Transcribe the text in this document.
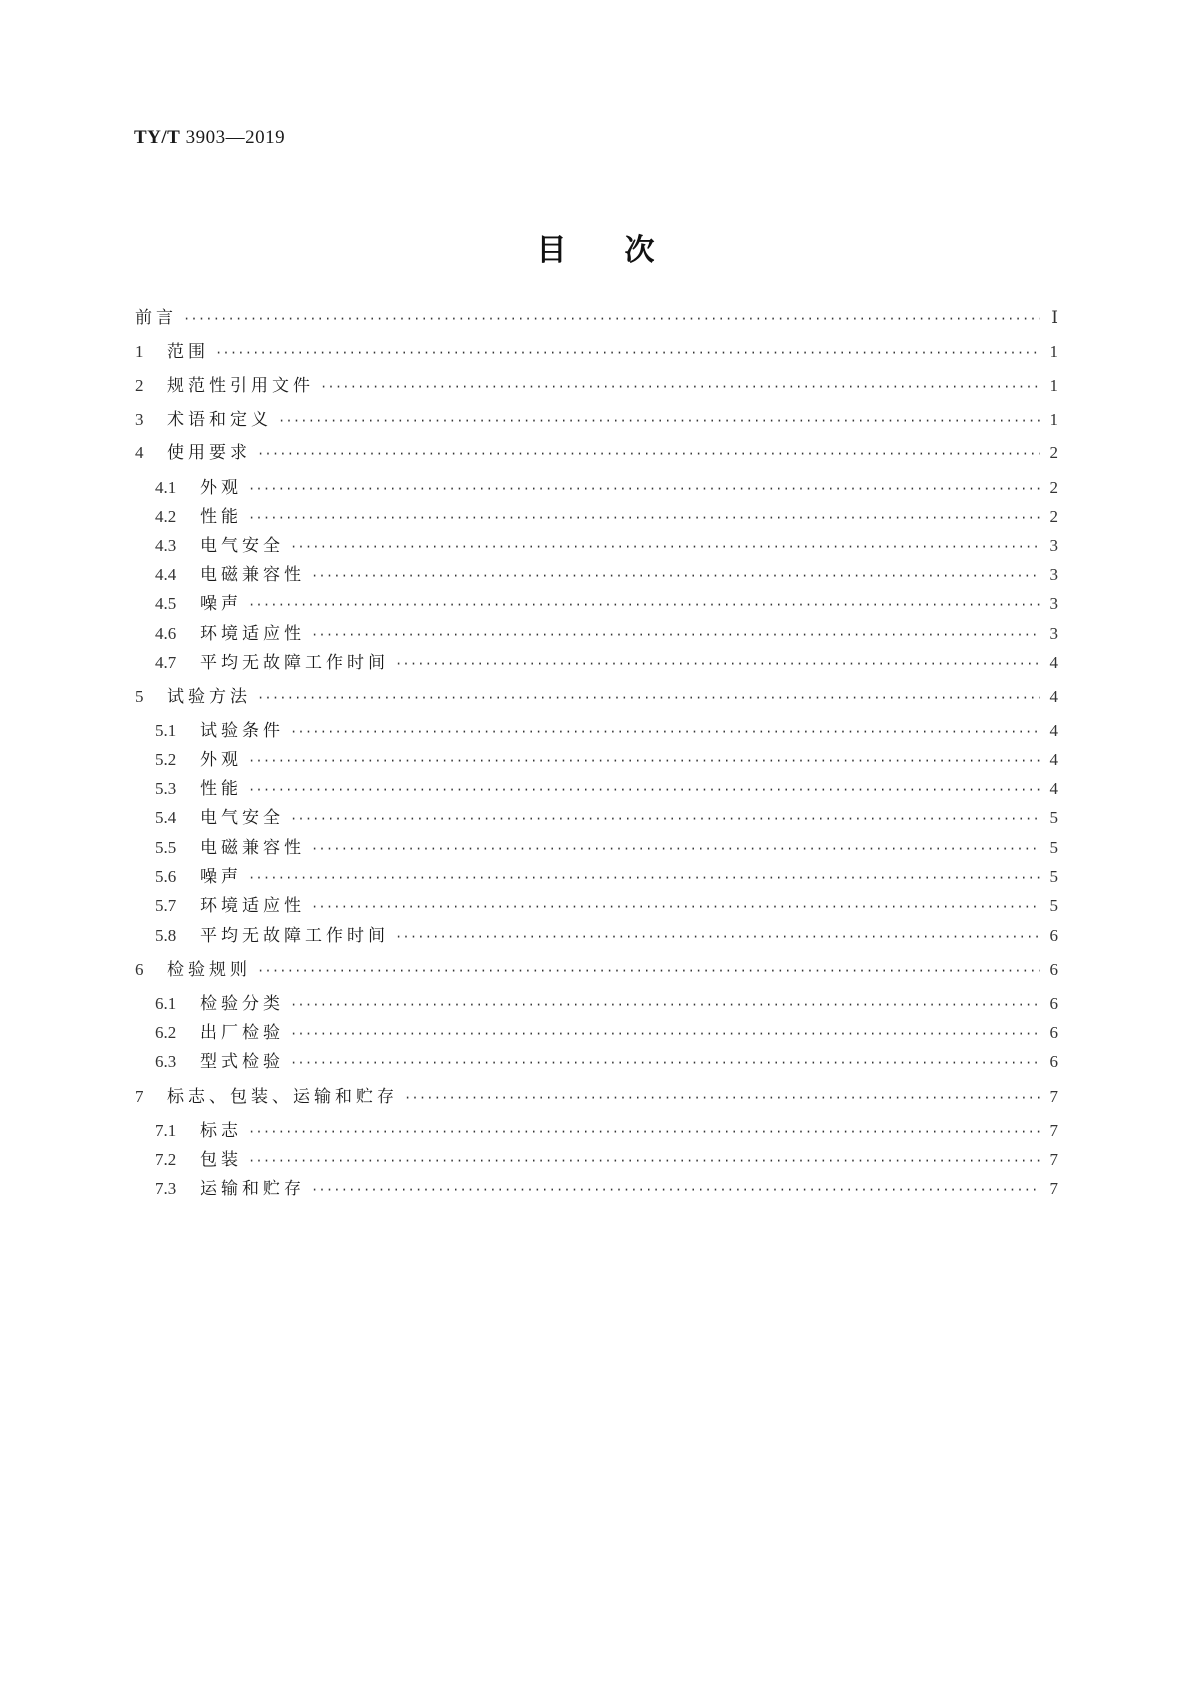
TY/T 3903—2019
目 次
前言 ·····	Ⅰ
1	范围 ·····	1
2	规范性引用文件 ·····	1
3	术语和定义 ·····	1
4	使用要求 ·····	2
4.1	外观 ·····	2
4.2	性能 ·····	2
4.3	电气安全 ·····	3
4.4	电磁兼容性 ·····	3
4.5	噪声 ·····	3
4.6	环境适应性 ·····	3
4.7	平均无故障工作时间 ·····	4
5	试验方法 ·····	4
5.1	试验条件 ·····	4
5.2	外观 ·····	4
5.3	性能 ·····	4
5.4	电气安全 ·····	5
5.5	电磁兼容性 ·····	5
5.6	噪声 ·····	5
5.7	环境适应性 ·····	5
5.8	平均无故障工作时间 ·····	6
6	检验规则 ·····	6
6.1	检验分类 ·····	6
6.2	出厂检验 ·····	6
6.3	型式检验 ·····	6
7	标志、包装、运输和贮存 ·····	7
7.1	标志 ·····	7
7.2	包装 ·····	7
7.3	运输和贮存 ·····	7
